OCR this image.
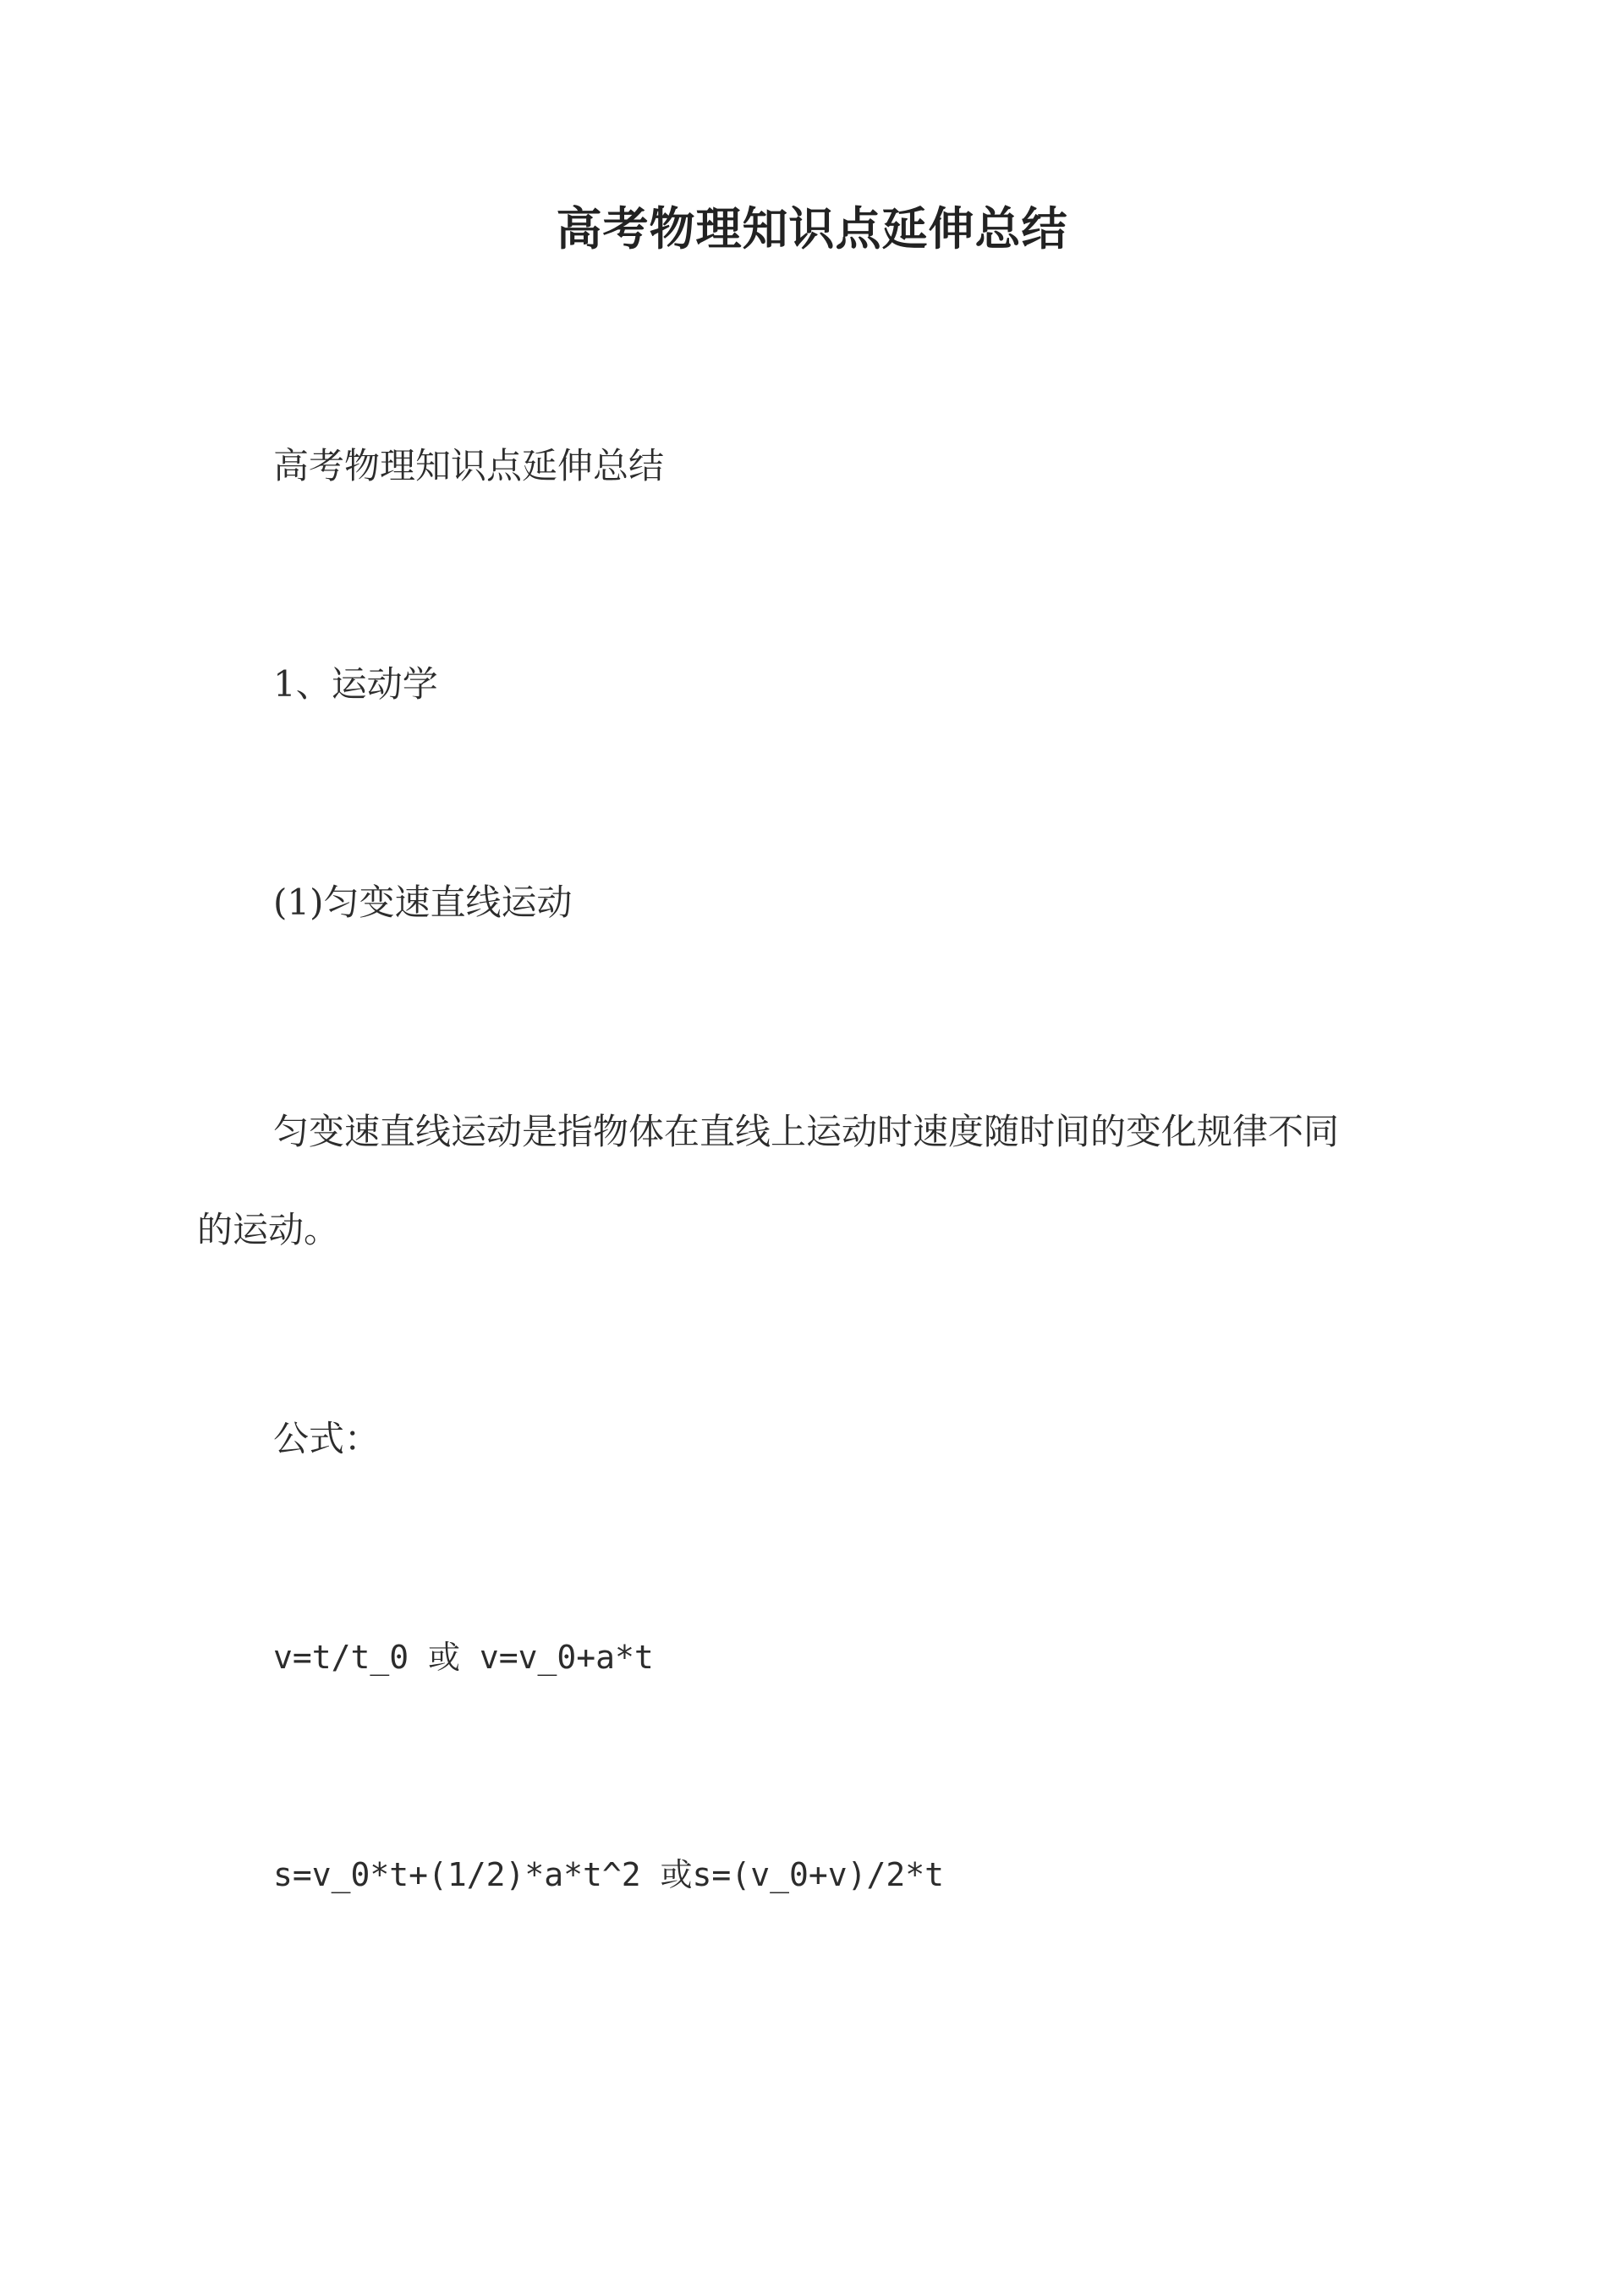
高考物理知识点延伸总结
高考物理知识点延伸总结
1、运动学
(1)匀变速直线运动
匀变速直线运动是指物体在直线上运动时速度随时间的变化规律不同
的运动。
公式：
v=t/t_0 或 v=v_0+a*t
s=v_0*t+(1/2)*a*t^2 或s=(v_0+v)/2*t
